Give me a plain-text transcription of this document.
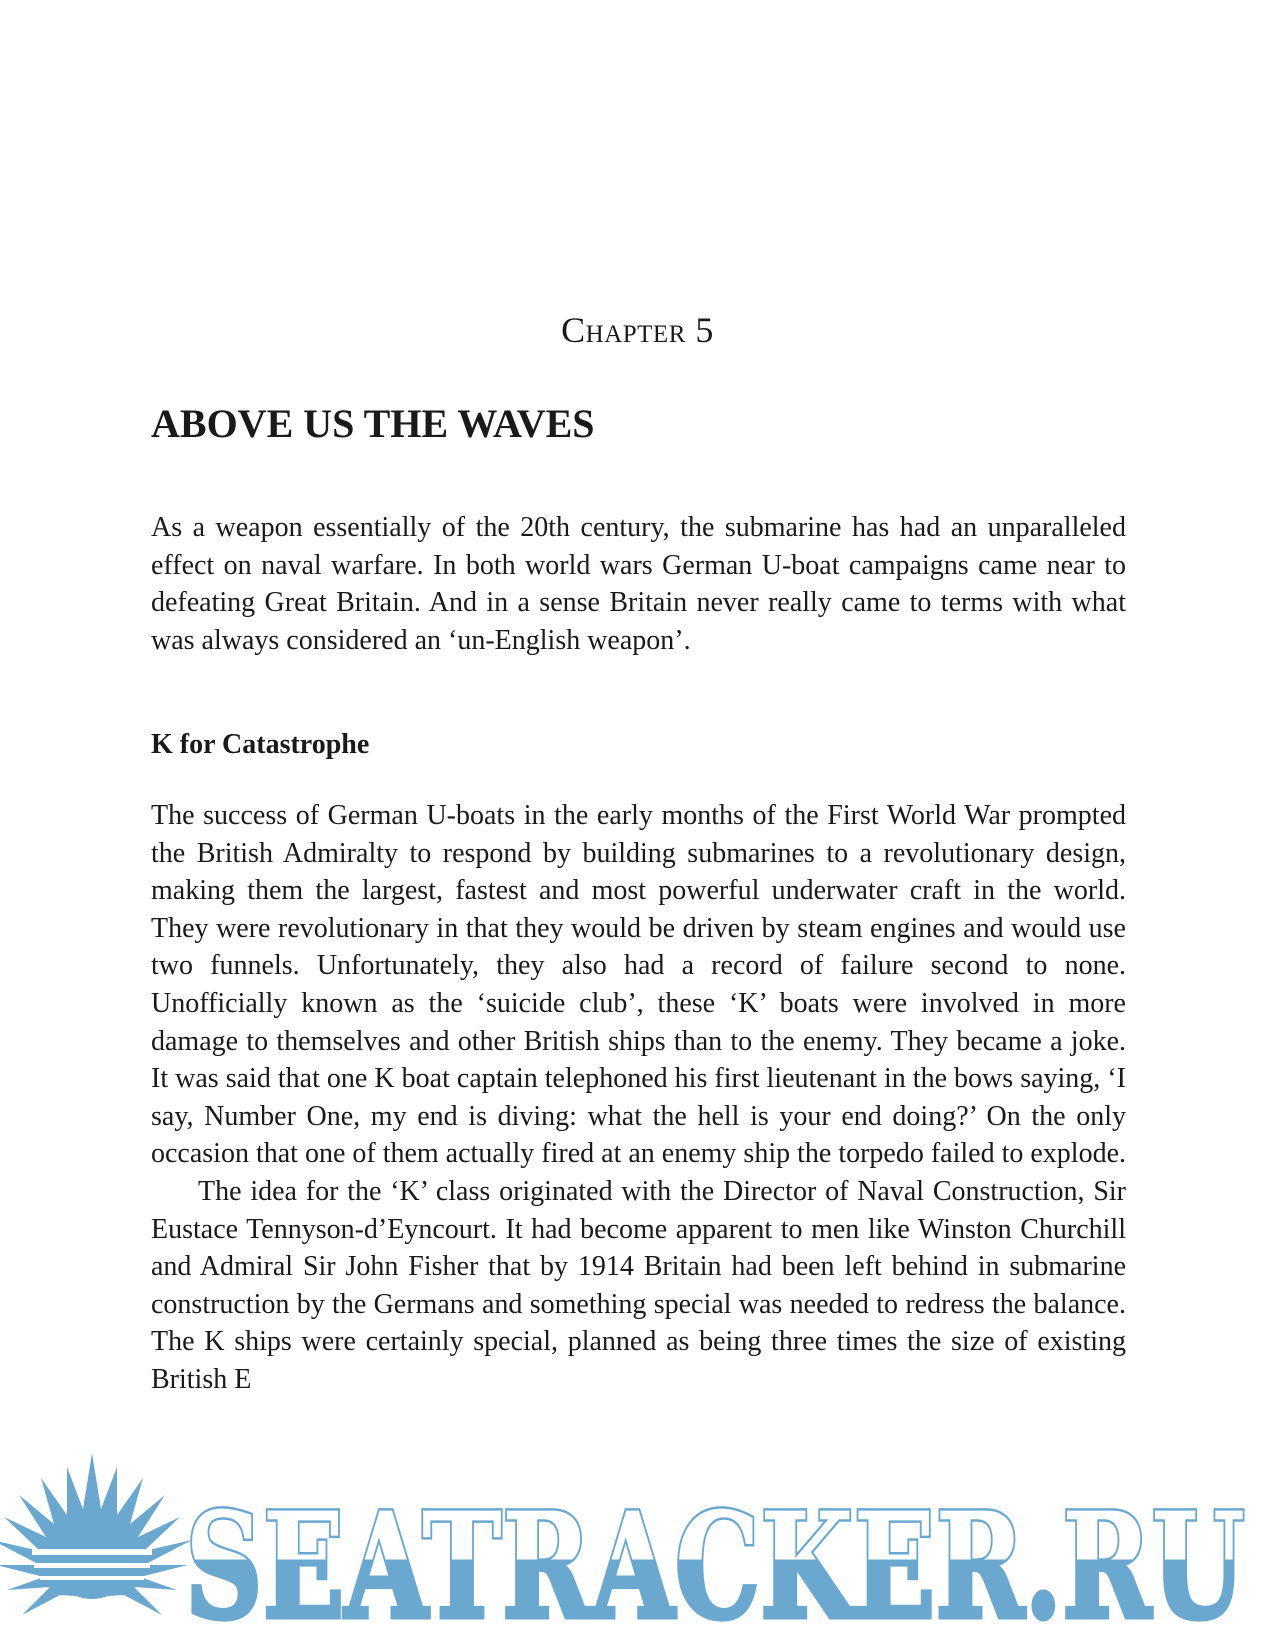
Chapter 5
ABOVE US THE WAVES

As a weapon essentially of the 20th century, the submarine has had an unparalleled effect on naval warfare. In both world wars German U-boat campaigns came near to defeating Great Britain. And in a sense Britain never really came to terms with what was always considered an ‘un-English weapon’.

K for Catastrophe

The success of German U-boats in the early months of the First World War prompted the British Admiralty to respond by building submarines to a revolutionary design, making them the largest, fastest and most powerful underwater craft in the world. They were revolutionary in that they would be driven by steam engines and would use two funnels. Unfortunately, they also had a record of failure second to none. Unofficially known as the ‘suicide club’, these ‘K’ boats were involved in more damage to themselves and other British ships than to the enemy. They became a joke. It was said that one K boat captain telephoned his first lieutenant in the bows saying, ‘I say, Number One, my end is diving: what the hell is your end doing?’ On the only occasion that one of them actually fired at an enemy ship the torpedo failed to explode.

The idea for the ‘K’ class originated with the Director of Naval Construction, Sir Eustace Tennyson-d’Eyncourt. It had become apparent to men like Winston Churchill and Admiral Sir John Fisher that by 1914 Britain had been left behind in submarine construction by the Germans and something special was needed to redress the balance. The K ships were certainly special, planned as being three times the size of existing British E

SEATRACKER.RU
